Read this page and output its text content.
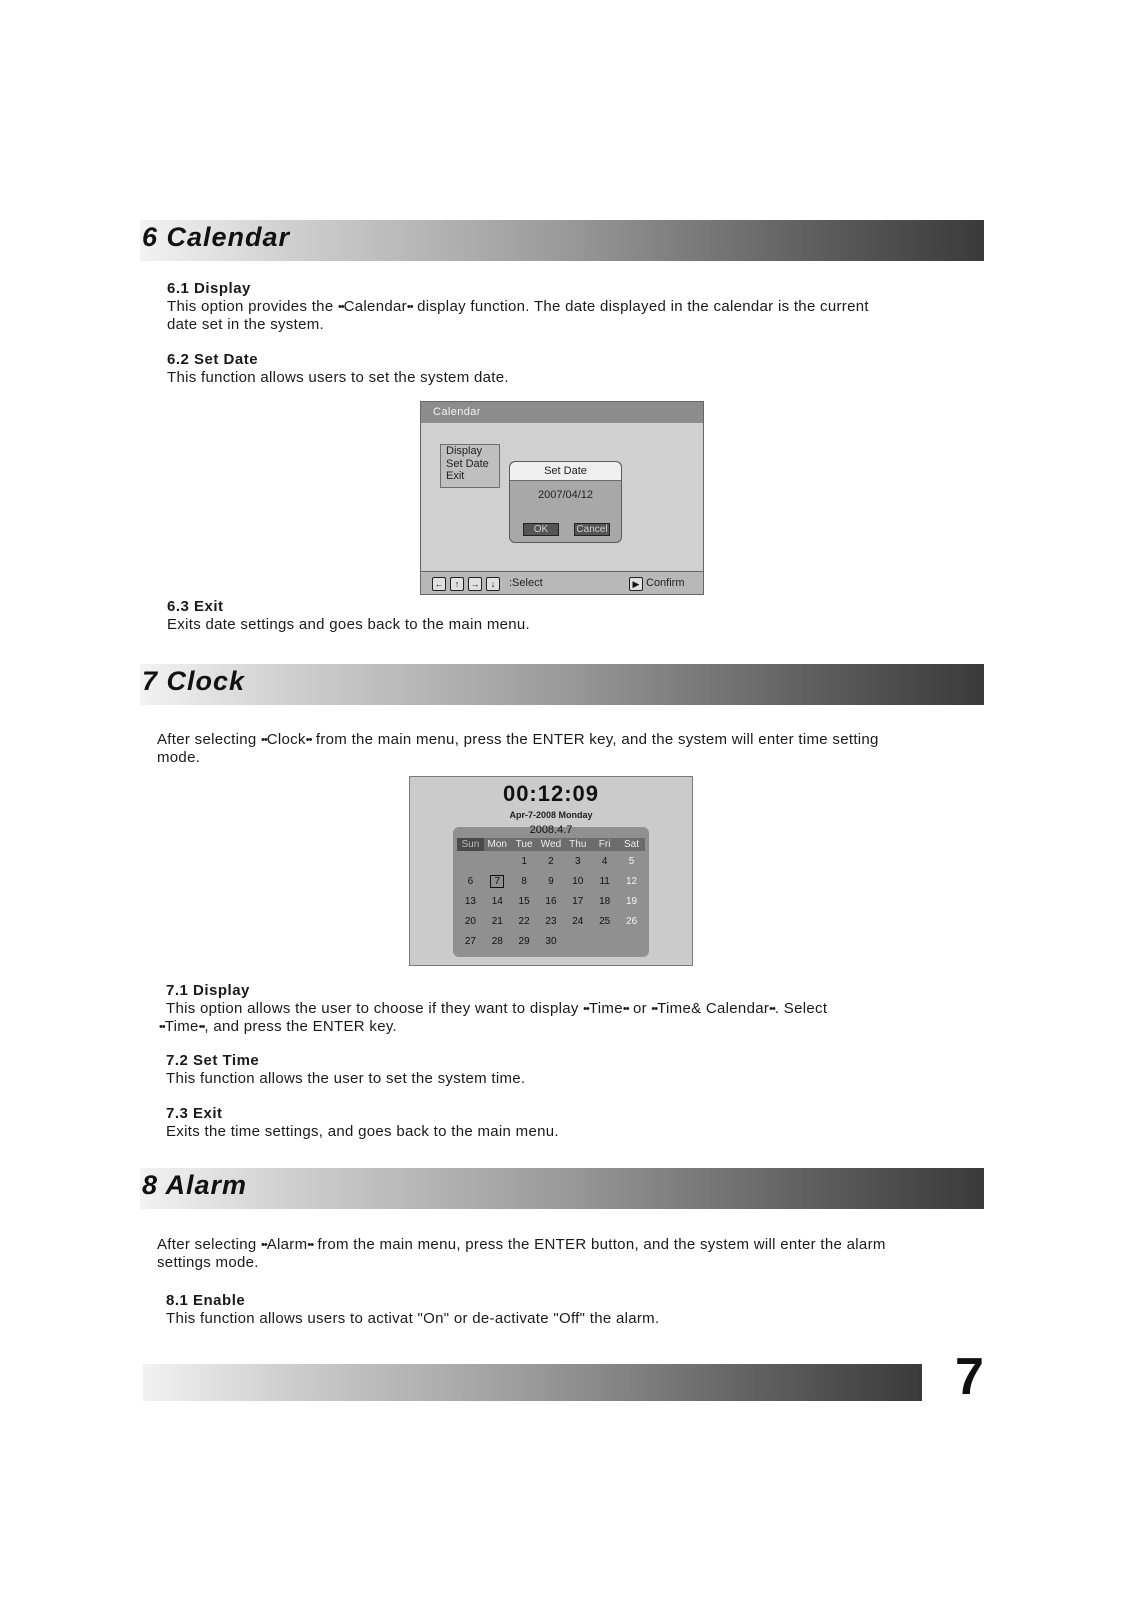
6 Calendar
6.1 Display
This option provides the ••Calendar•• display function. The date displayed in the calendar is the current
date set in the system.
6.2 Set Date
This function allows users to set the system date.
Calendar
Display
Set Date
Exit	Set Date
2007/04/12
OK	Cancel
←	↑	→	↓	:Select	▶ Confirm
6.3 Exit
Exits date settings and goes back to the main menu.
7 Clock
After selecting ••Clock•• from the main menu, press the ENTER key, and the system will enter time setting
mode.
00:12:09
Apr-7-2008 Monday
2008.4.7
Sun	Mon	Tue	Wed	Thu	Fri	Sat
		1	2	3	4	5
6	7	8	9	10	11	12
13	14	15	16	17	18	19
20	21	22	23	24	25	26
27	28	29	30			
7.1 Display
This option allows the user to choose if they want to display ••Time•• or ••Time& Calendar••. Select
••Time••, and press the ENTER key.
7.2 Set Time
This function allows the user to set the system time.
7.3 Exit
Exits the time settings, and goes back to the main menu.
8 Alarm
After selecting ••Alarm•• from the main menu, press the ENTER button, and the system will enter the alarm
settings mode.
8.1 Enable
This function allows users to activat "On" or de-activate "Off" the alarm.
7
